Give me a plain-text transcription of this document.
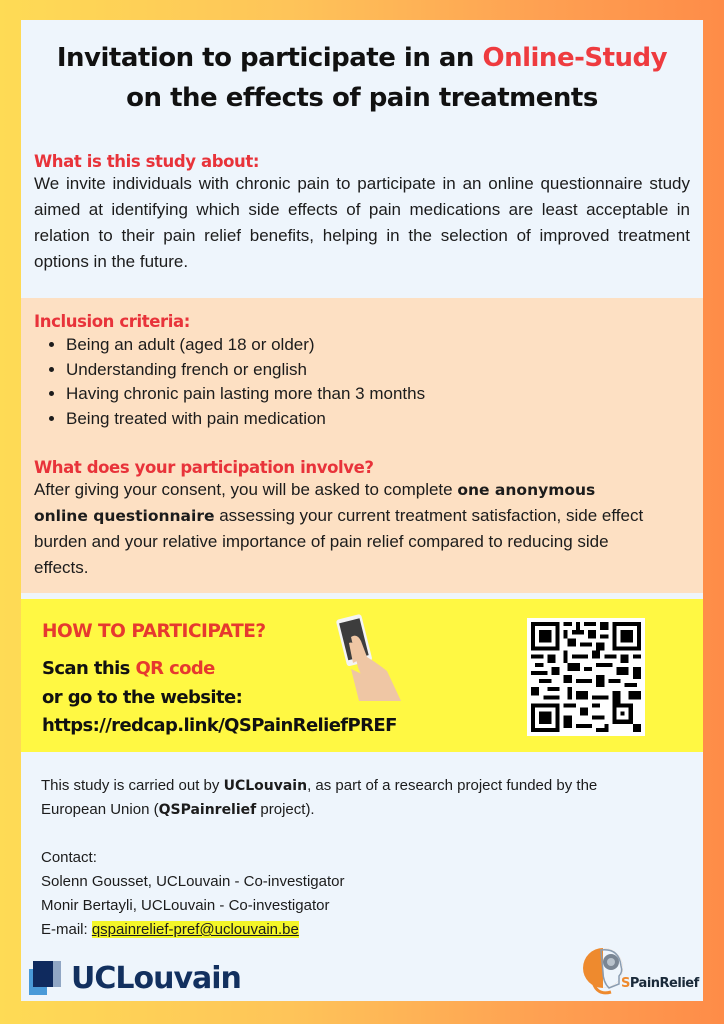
Invitation to participate in an Online-Study
on the effects of pain treatments
What is this study about:
We invite individuals with chronic pain to participate in an online questionnaire study aimed at identifying which side effects of pain medications are least acceptable in relation to their pain relief benefits, helping in the selection of improved treatment options in the future.
Inclusion criteria:
• Being an adult (aged 18 or older)
• Understanding french or english
• Having chronic pain lasting more than 3 months
• Being treated with pain medication
What does your participation involve?
After giving your consent, you will be asked to complete one anonymous online questionnaire assessing your current treatment satisfaction, side effect burden and your relative importance of pain relief compared to reducing side effects.
HOW TO PARTICIPATE?
Scan this QR code
or go to the website:
https://redcap.link/QSPainReliefPREF
This study is carried out by UCLouvain, as part of a research project funded by the European Union (QSPainrelief project).
Contact:
Solenn Gousset, UCLouvain - Co-investigator
Monir Bertayli, UCLouvain - Co-investigator
E-mail: qspainrelief-pref@uclouvain.be
UCLouvain	SPainRelief
